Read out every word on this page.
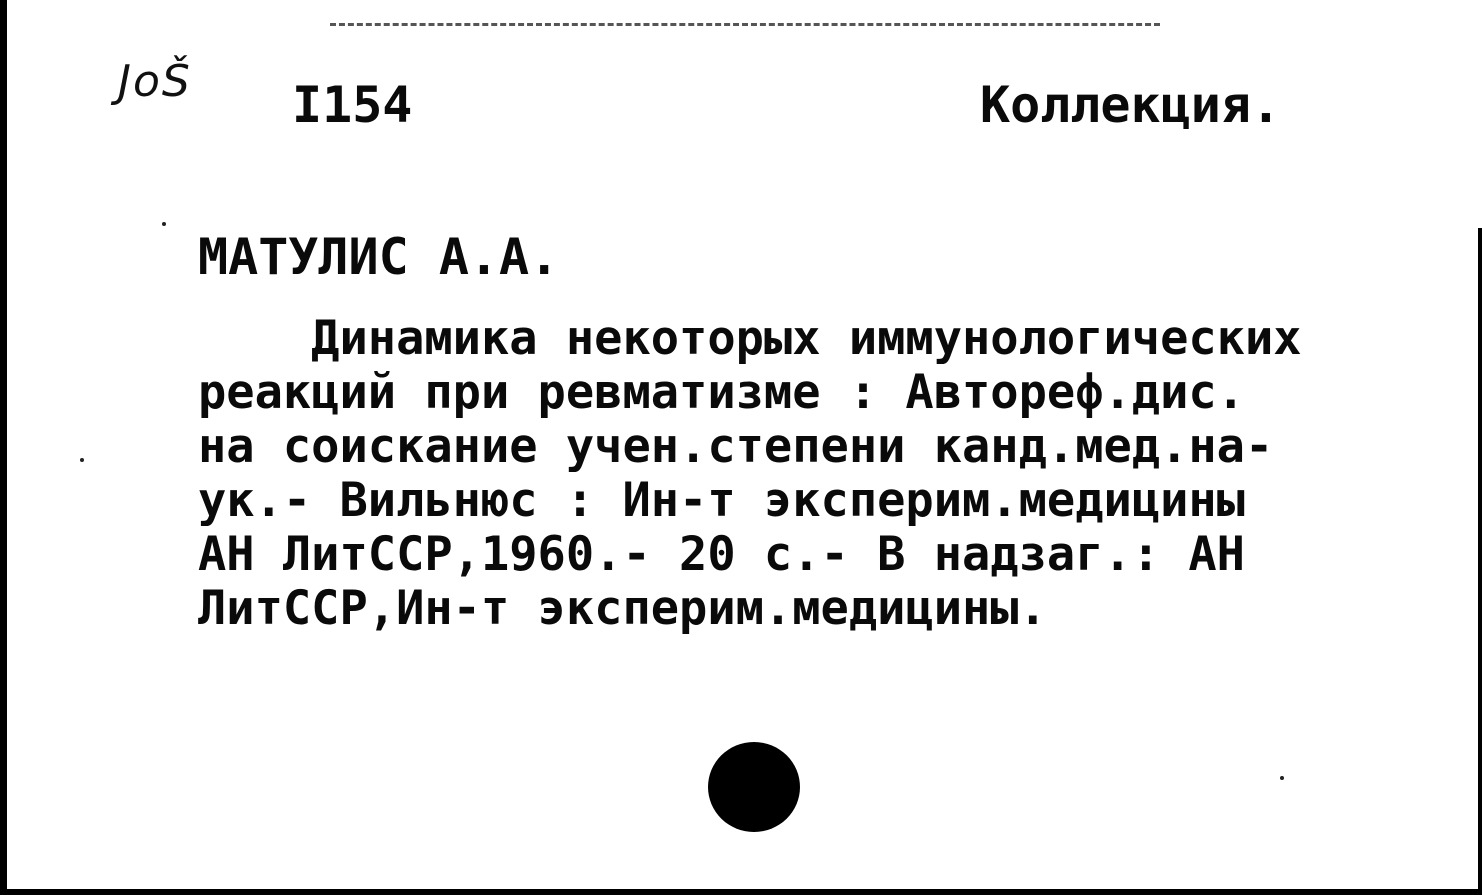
JoŠ I154	Коллекция.
МАТУЛИС А.А.
Динамика некоторых иммунологических
реакций при ревматизме : Автореф.дис.
на соискание учен.степени канд.мед.на-
ук.- Вильнюс : Ин-т эксперим.медицины
АН ЛитССР,1960.- 20 с.- В надзаг.: АН
ЛитССР,Ин-т эксперим.медицины.
